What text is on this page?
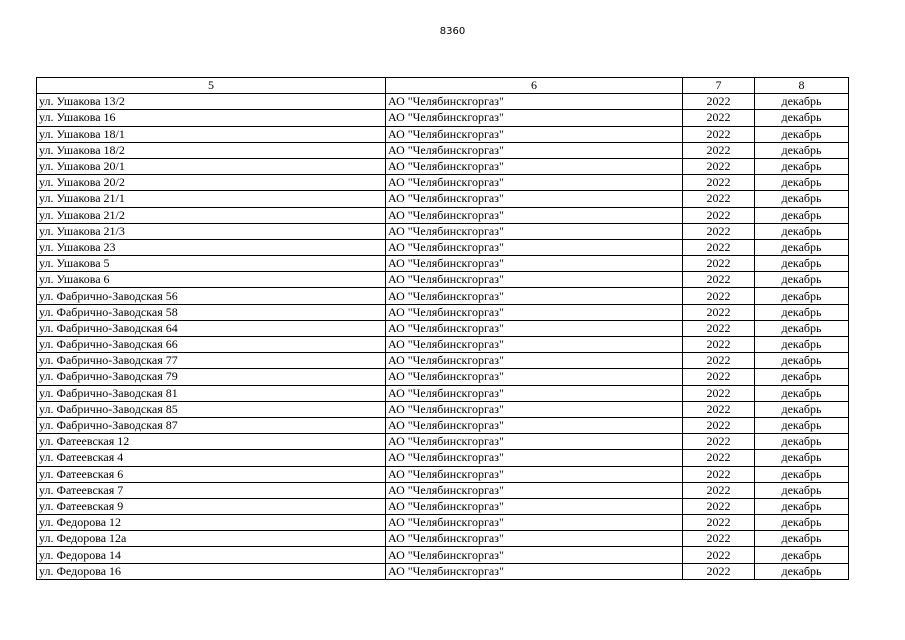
8360
5	6	7	8
ул. Ушакова 13/2	АО "Челябинскгоргаз"	2022	декабрь
ул. Ушакова 16	АО "Челябинскгоргаз"	2022	декабрь
ул. Ушакова 18/1	АО "Челябинскгоргаз"	2022	декабрь
ул. Ушакова 18/2	АО "Челябинскгоргаз"	2022	декабрь
ул. Ушакова 20/1	АО "Челябинскгоргаз"	2022	декабрь
ул. Ушакова 20/2	АО "Челябинскгоргаз"	2022	декабрь
ул. Ушакова 21/1	АО "Челябинскгоргаз"	2022	декабрь
ул. Ушакова 21/2	АО "Челябинскгоргаз"	2022	декабрь
ул. Ушакова 21/3	АО "Челябинскгоргаз"	2022	декабрь
ул. Ушакова 23	АО "Челябинскгоргаз"	2022	декабрь
ул. Ушакова 5	АО "Челябинскгоргаз"	2022	декабрь
ул. Ушакова 6	АО "Челябинскгоргаз"	2022	декабрь
ул. Фабрично-Заводская 56	АО "Челябинскгоргаз"	2022	декабрь
ул. Фабрично-Заводская 58	АО "Челябинскгоргаз"	2022	декабрь
ул. Фабрично-Заводская 64	АО "Челябинскгоргаз"	2022	декабрь
ул. Фабрично-Заводская 66	АО "Челябинскгоргаз"	2022	декабрь
ул. Фабрично-Заводская 77	АО "Челябинскгоргаз"	2022	декабрь
ул. Фабрично-Заводская 79	АО "Челябинскгоргаз"	2022	декабрь
ул. Фабрично-Заводская 81	АО "Челябинскгоргаз"	2022	декабрь
ул. Фабрично-Заводская 85	АО "Челябинскгоргаз"	2022	декабрь
ул. Фабрично-Заводская 87	АО "Челябинскгоргаз"	2022	декабрь
ул. Фатеевская 12	АО "Челябинскгоргаз"	2022	декабрь
ул. Фатеевская 4	АО "Челябинскгоргаз"	2022	декабрь
ул. Фатеевская 6	АО "Челябинскгоргаз"	2022	декабрь
ул. Фатеевская 7	АО "Челябинскгоргаз"	2022	декабрь
ул. Фатеевская 9	АО "Челябинскгоргаз"	2022	декабрь
ул. Федорова 12	АО "Челябинскгоргаз"	2022	декабрь
ул. Федорова 12а	АО "Челябинскгоргаз"	2022	декабрь
ул. Федорова 14	АО "Челябинскгоргаз"	2022	декабрь
ул. Федорова 16	АО "Челябинскгоргаз"	2022	декабрь
